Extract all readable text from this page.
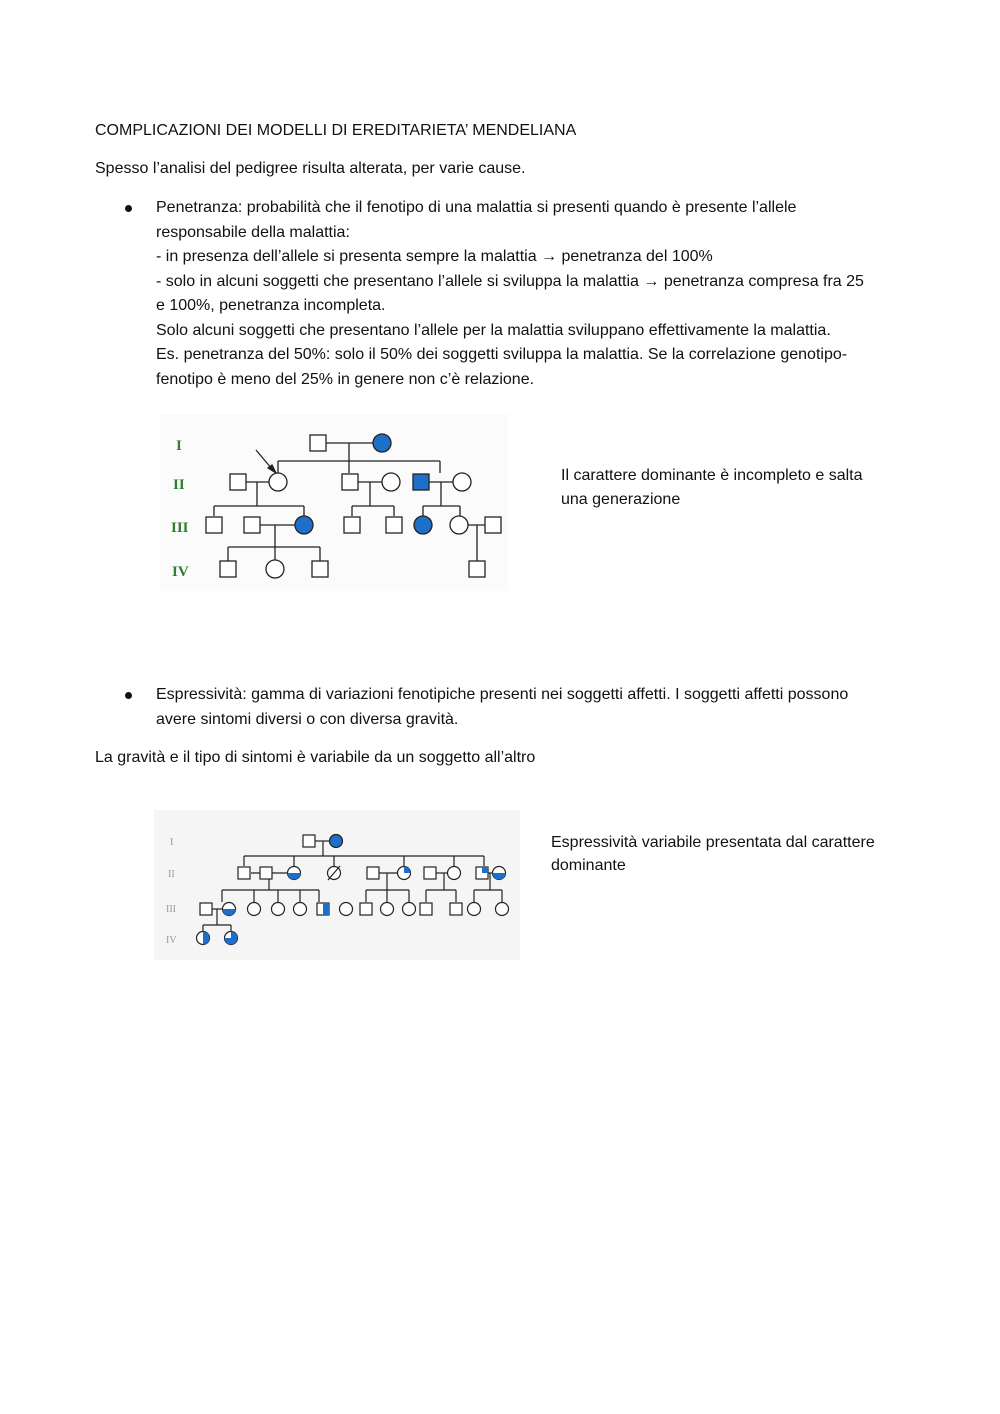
COMPLICAZIONI DEI MODELLI DI EREDITARIETA’ MENDELIANA
Spesso l’analisi del pedigree risulta alterata, per varie cause.
Penetranza: probabilità che il fenotipo di una malattia si presenti quando è presente l’allele
responsabile della malattia:
- in presenza dell’allele si presenta sempre la malattia → penetranza del 100%
- solo in alcuni soggetti che presentano l’allele si sviluppa la malattia → penetranza compresa fra 25
e 100%, penetranza incompleta.
Solo alcuni soggetti che presentano l’allele per la malattia sviluppano effettivamente la malattia.
Es. penetranza del 50%: solo il 50% dei soggetti sviluppa la malattia. Se la correlazione genotipo-
fenotipo è meno del 25% in genere non c’è relazione.
I
II
III
IV
Il carattere dominante è incompleto e salta
una generazione
Espressività: gamma di variazioni fenotipiche presenti nei soggetti affetti. I soggetti affetti possono
avere sintomi diversi o con diversa gravità.
La gravità e il tipo di sintomi è variabile da un soggetto all’altro
I
II
III
IV
Espressività variabile presentata dal carattere
dominante
